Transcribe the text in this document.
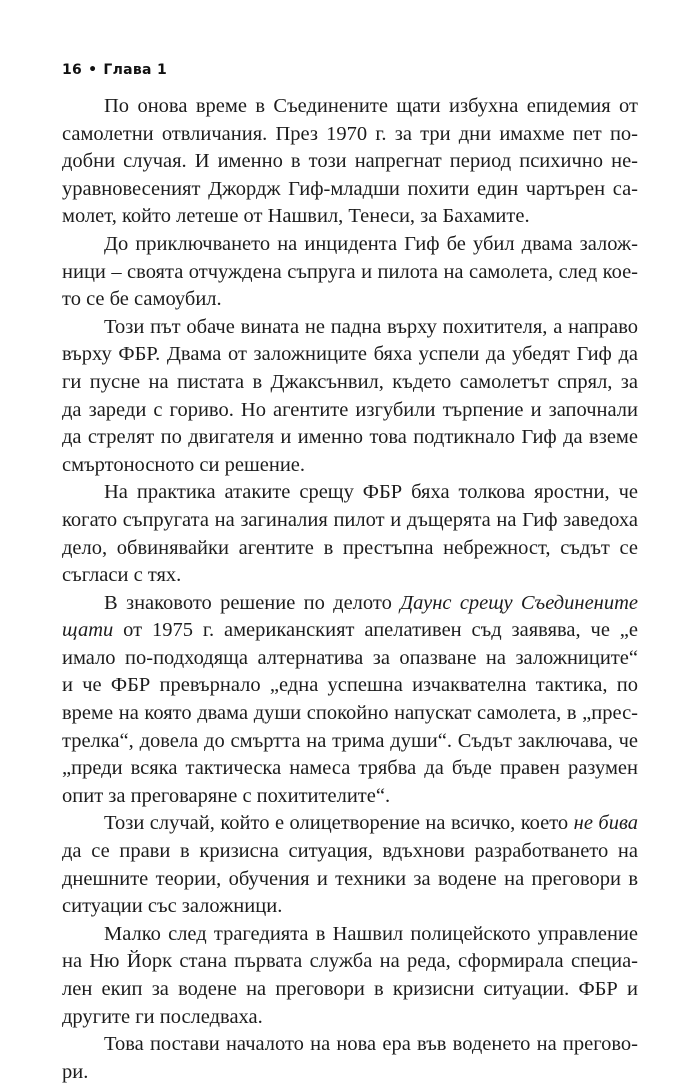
16 • Глава 1

По онова време в Съединените щати избухна епидемия от
самолетни отвличания. През 1970 г. за три дни имахме пет по-
добни случая. И именно в този напрегнат период психично не-
уравновесеният Джордж Гиф-младши похити един чартърен са-
молет, който летеше от Нашвил, Тенеси, за Бахамите.

До приключването на инцидента Гиф бе убил двама залож-
ници – своята отчуждена съпруга и пилота на самолета, след кое-
то се бе самоубил.

Този път обаче вината не падна върху похитителя, а направо
върху ФБР. Двама от заложниците бяха успели да убедят Гиф да
ги пусне на пистата в Джаксънвил, където самолетът спрял, за
да зареди с гориво. Но агентите изгубили търпение и започнали
да стрелят по двигателя и именно това подтикнало Гиф да вземе
смъртоносното си решение.

На практика атаките срещу ФБР бяха толкова яростни, че
когато съпругата на загиналия пилот и дъщерята на Гиф заведоха
дело, обвинявайки агентите в престъпна небрежност, съдът се
съгласи с тях.

В знаковото решение по делото Даунс срещу Съединените
щати от 1975 г. американският апелативен съд заявява, че „е
имало по-подходяща алтернатива за опазване на заложниците“
и че ФБР превърнало „една успешна изчаквателна тактика, по
време на която двама души спокойно напускат самолета, в „прес-
трелка“, довела до смъртта на трима души“. Съдът заключава, че
„преди всяка тактическа намеса трябва да бъде правен разумен
опит за преговаряне с похитителите“.

Този случай, който е олицетворение на всичко, което не бива
да се прави в кризисна ситуация, вдъхнови разработването на
днешните теории, обучения и техники за водене на преговори в
ситуации със заложници.

Малко след трагедията в Нашвил полицейското управление
на Ню Йорк стана първата служба на реда, сформирала специа-
лен екип за водене на преговори в кризисни ситуации. ФБР и
другите ги последваха.

Това постави началото на нова ера във воденето на прегово-
ри.
